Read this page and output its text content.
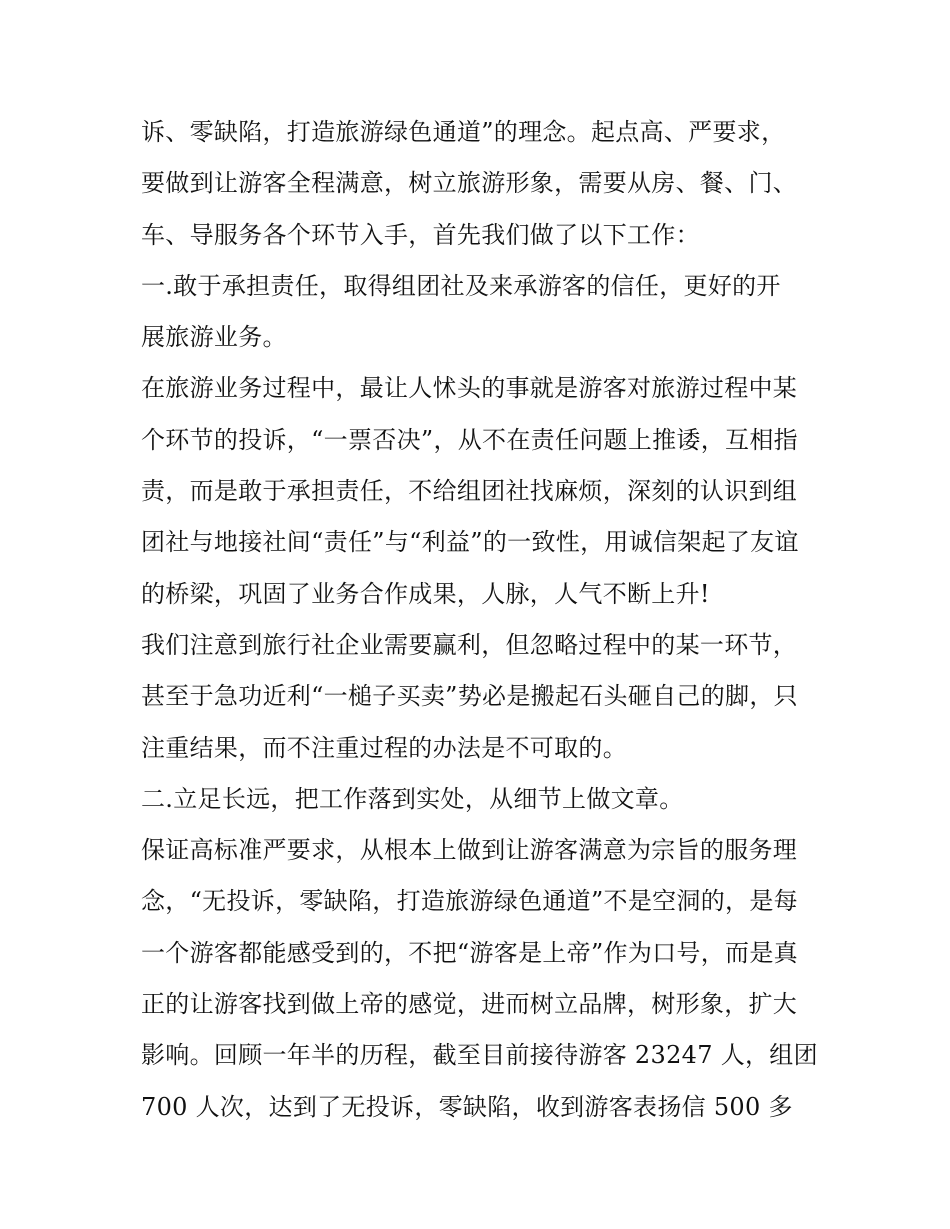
诉、零缺陷，打造旅游绿色通道”的理念。起点高、严要求，
要做到让游客全程满意，树立旅游形象，需要从房、餐、门、
车、导服务各个环节入手，首先我们做了以下工作：
一.敢于承担责任，取得组团社及来承游客的信任，更好的开
展旅游业务。
在旅游业务过程中，最让人怵头的事就是游客对旅游过程中某
个环节的投诉，“一票否决”，从不在责任问题上推诿，互相指
责，而是敢于承担责任，不给组团社找麻烦，深刻的认识到组
团社与地接社间“责任”与“利益”的一致性，用诚信架起了友谊
的桥梁，巩固了业务合作成果，人脉，人气不断上升!
我们注意到旅行社企业需要赢利，但忽略过程中的某一环节，
甚至于急功近利“一槌子买卖”势必是搬起石头砸自己的脚，只
注重结果，而不注重过程的办法是不可取的。
二.立足长远，把工作落到实处，从细节上做文章。
保证高标准严要求，从根本上做到让游客满意为宗旨的服务理
念，“无投诉，零缺陷，打造旅游绿色通道”不是空洞的，是每
一个游客都能感受到的，不把“游客是上帝”作为口号，而是真
正的让游客找到做上帝的感觉，进而树立品牌，树形象，扩大
影响。回顾一年半的历程，截至目前接待游客 23247 人，组团
700 人次，达到了无投诉，零缺陷，收到游客表扬信 500 多
